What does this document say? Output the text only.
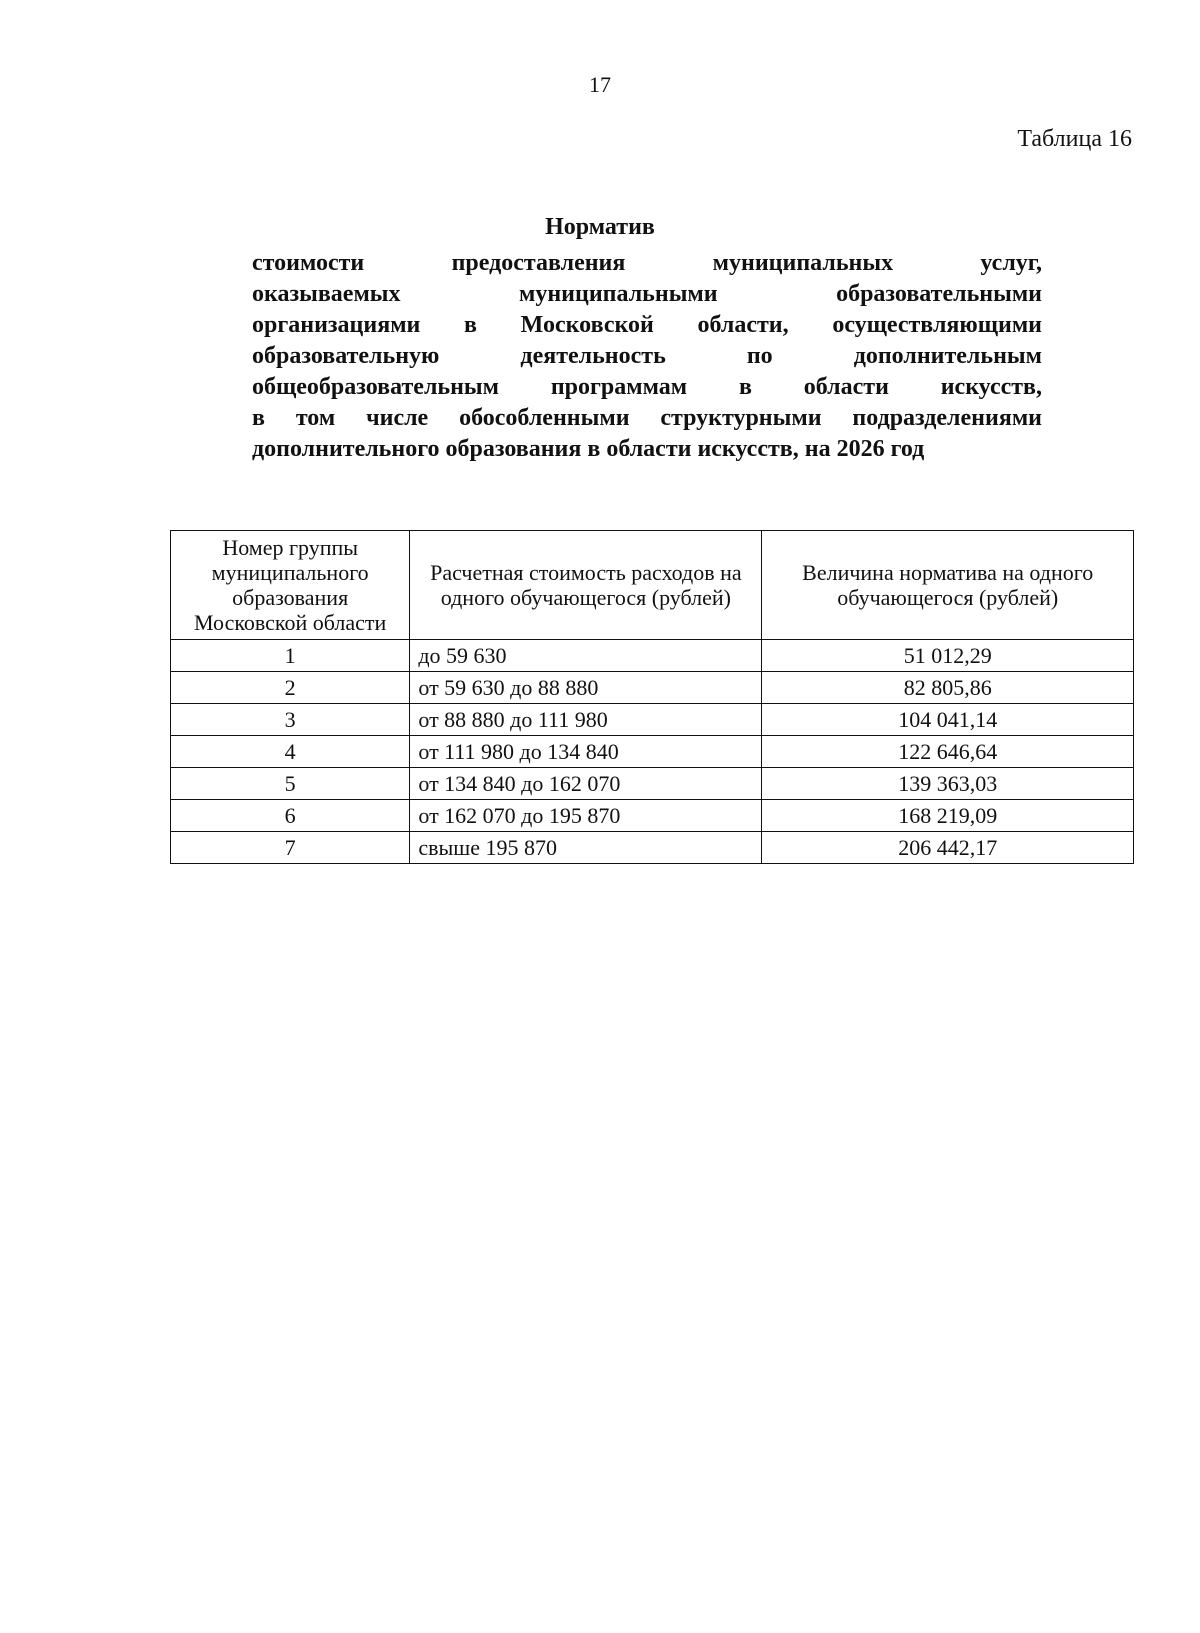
17
Таблица 16
Норматив
стоимости предоставления муниципальных услуг,
оказываемых муниципальными образовательными
организациями в Московской области, осуществляющими
образовательную деятельность по дополнительным
общеобразовательным программам в области искусств,
в том числе обособленными структурными подразделениями
дополнительного образования в области искусств, на 2026 год
Номер группы муниципального образования Московской области	Расчетная стоимость расходов на одного обучающегося (рублей)	Величина норматива на одного обучающегося (рублей)
1	до 59 630	51 012,29
2	от 59 630 до 88 880	82 805,86
3	от 88 880 до 111 980	104 041,14
4	от 111 980 до 134 840	122 646,64
5	от 134 840 до 162 070	139 363,03
6	от 162 070 до 195 870	168 219,09
7	свыше 195 870	206 442,17
